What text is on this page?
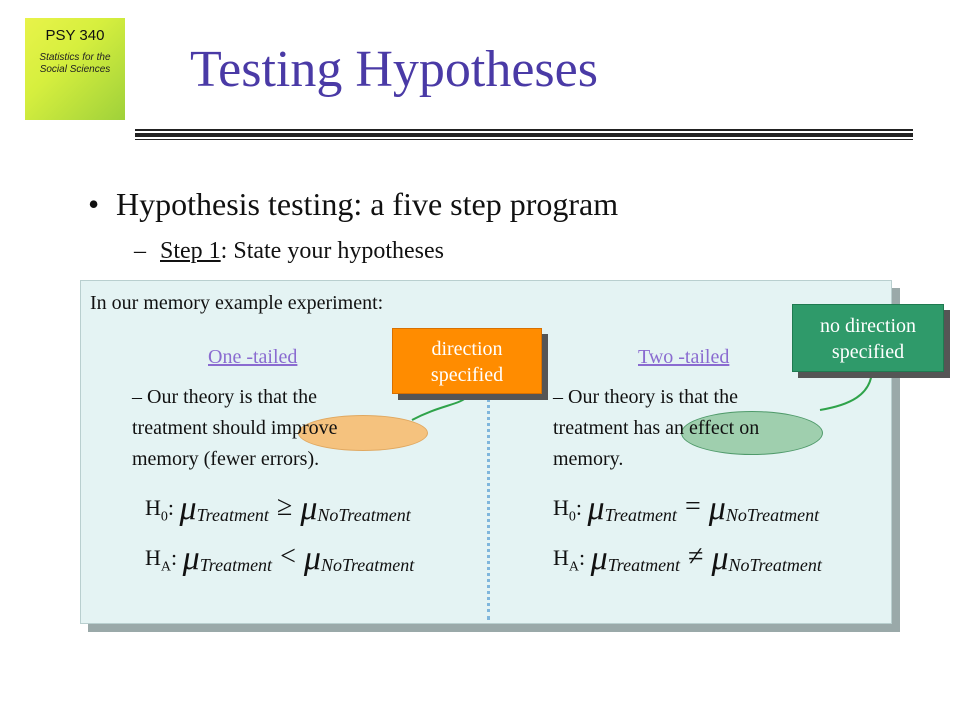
PSY 340
Statistics for the
Social Sciences Testing Hypotheses
• Hypothesis testing: a five step program
– Step 1: State your hypotheses
In our memory example experiment:
One -tailed
– Our theory is that the
treatment should improve
memory (fewer errors).
$H_0$: $\mu_{Treatment} \ge \mu_{NoTreatment}$
$H_A$: $\mu_{Treatment} < \mu_{NoTreatment}$
Two -tailed
– Our theory is that the
treatment has an effect on
memory.
$H_0$: $\mu_{Treatment} = \mu_{NoTreatment}$
$H_A$: $\mu_{Treatment} \ne \mu_{NoTreatment}$
direction
specified
no direction
specified
